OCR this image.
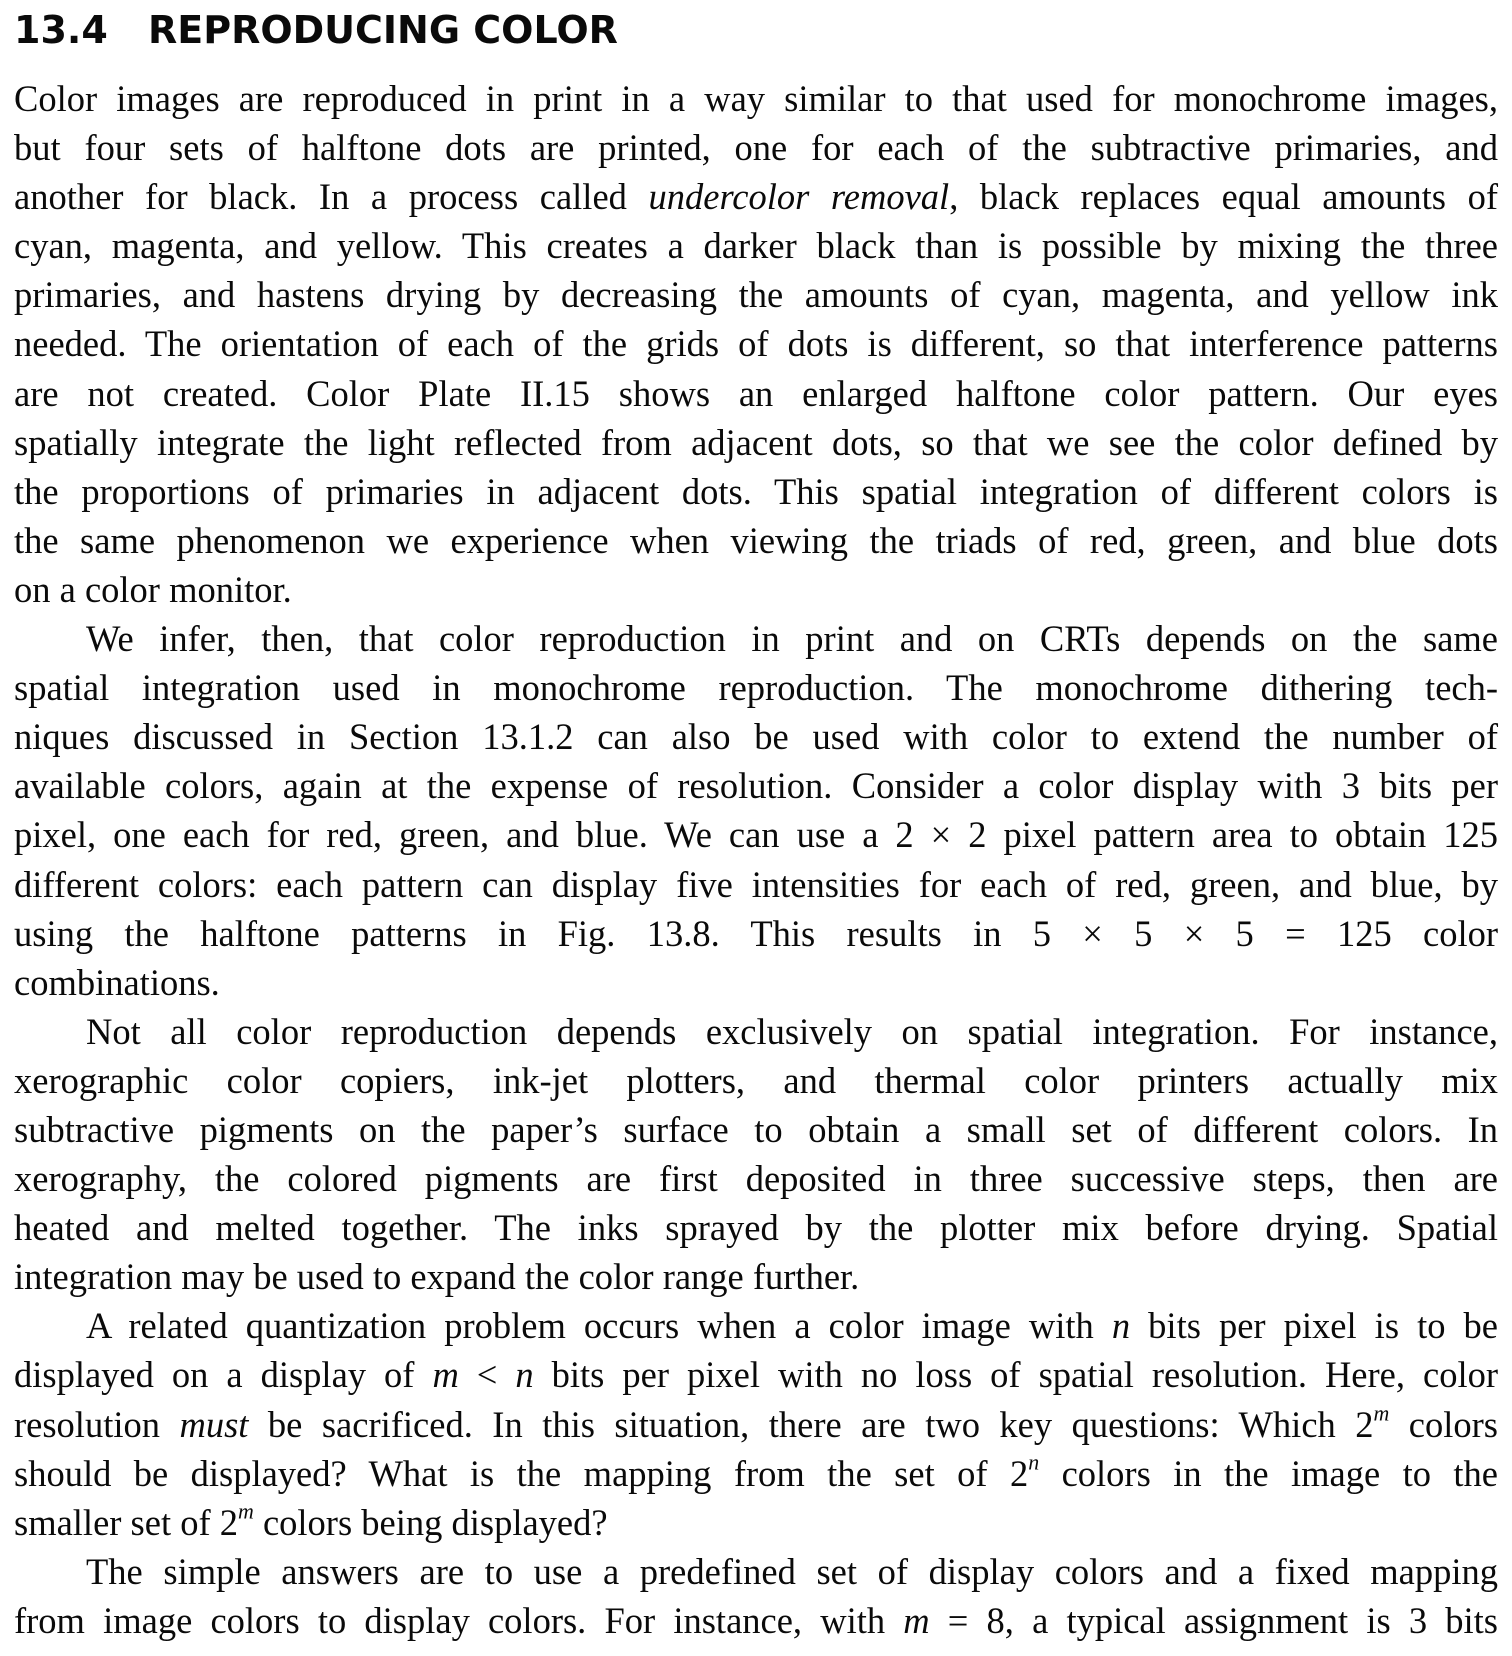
13.4 REPRODUCING COLOR

Color images are reproduced in print in a way similar to that used for monochrome images,
but four sets of halftone dots are printed, one for each of the subtractive primaries, and
another for black. In a process called undercolor removal, black replaces equal amounts of
cyan, magenta, and yellow. This creates a darker black than is possible by mixing the three
primaries, and hastens drying by decreasing the amounts of cyan, magenta, and yellow ink
needed. The orientation of each of the grids of dots is different, so that interference patterns
are not created. Color Plate II.15 shows an enlarged halftone color pattern. Our eyes
spatially integrate the light reflected from adjacent dots, so that we see the color defined by
the proportions of primaries in adjacent dots. This spatial integration of different colors is
the same phenomenon we experience when viewing the triads of red, green, and blue dots
on a color monitor.

We infer, then, that color reproduction in print and on CRTs depends on the same
spatial integration used in monochrome reproduction. The monochrome dithering tech-
niques discussed in Section 13.1.2 can also be used with color to extend the number of
available colors, again at the expense of resolution. Consider a color display with 3 bits per
pixel, one each for red, green, and blue. We can use a 2 × 2 pixel pattern area to obtain 125
different colors: each pattern can display five intensities for each of red, green, and blue, by
using the halftone patterns in Fig. 13.8. This results in 5 × 5 × 5 = 125 color
combinations.

Not all color reproduction depends exclusively on spatial integration. For instance,
xerographic color copiers, ink-jet plotters, and thermal color printers actually mix
subtractive pigments on the paper’s surface to obtain a small set of different colors. In
xerography, the colored pigments are first deposited in three successive steps, then are
heated and melted together. The inks sprayed by the plotter mix before drying. Spatial
integration may be used to expand the color range further.

A related quantization problem occurs when a color image with n bits per pixel is to be
displayed on a display of m < n bits per pixel with no loss of spatial resolution. Here, color
resolution must be sacrificed. In this situation, there are two key questions: Which 2$^m$ colors
should be displayed? What is the mapping from the set of 2$^n$ colors in the image to the
smaller set of 2$^m$ colors being displayed?

The simple answers are to use a predefined set of display colors and a fixed mapping
from image colors to display colors. For instance, with m = 8, a typical assignment is 3 bits
